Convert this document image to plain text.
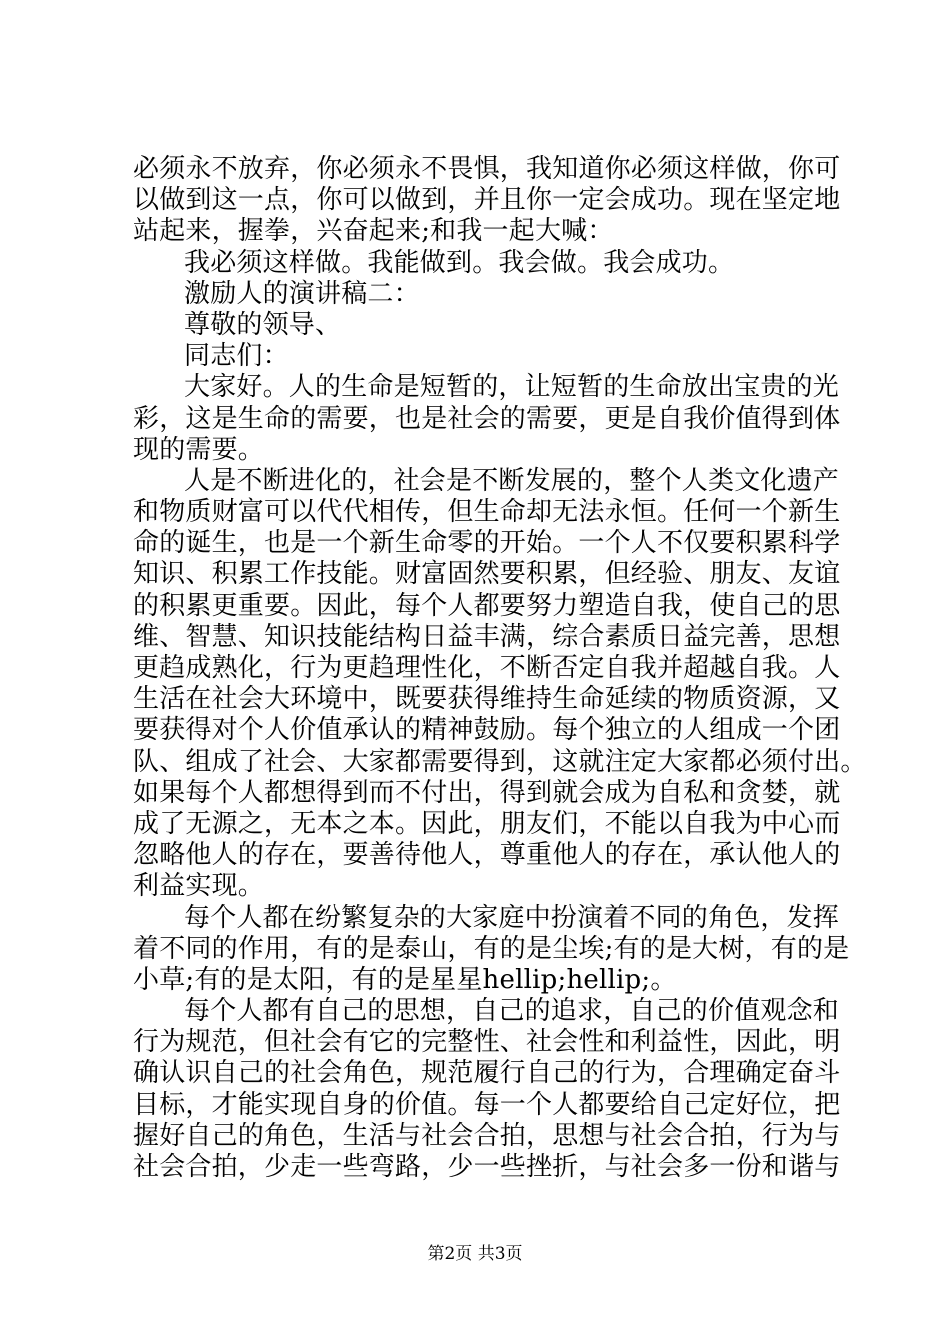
必须永不放弃，你必须永不畏惧，我知道你必须这样做，你可
以做到这一点，你可以做到，并且你一定会成功。现在坚定地
站起来，握拳，兴奋起来;和我一起大喊：
我必须这样做。我能做到。我会做。我会成功。
激励人的演讲稿二：
尊敬的领导、
同志们：
大家好。人的生命是短暂的，让短暂的生命放出宝贵的光
彩，这是生命的需要，也是社会的需要，更是自我价值得到体
现的需要。
人是不断进化的，社会是不断发展的，整个人类文化遗产
和物质财富可以代代相传，但生命却无法永恒。任何一个新生
命的诞生，也是一个新生命零的开始。一个人不仅要积累科学
知识、积累工作技能。财富固然要积累，但经验、朋友、友谊
的积累更重要。因此，每个人都要努力塑造自我，使自己的思
维、智慧、知识技能结构日益丰满，综合素质日益完善，思想
更趋成熟化，行为更趋理性化，不断否定自我并超越自我。人
生活在社会大环境中，既要获得维持生命延续的物质资源，又
要获得对个人价值承认的精神鼓励。每个独立的人组成一个团
队、组成了社会、大家都需要得到，这就注定大家都必须付出。
如果每个人都想得到而不付出，得到就会成为自私和贪婪，就
成了无源之，无本之本。因此，朋友们，不能以自我为中心而
忽略他人的存在，要善待他人，尊重他人的存在，承认他人的
利益实现。
每个人都在纷繁复杂的大家庭中扮演着不同的角色，发挥
着不同的作用，有的是泰山，有的是尘埃;有的是大树，有的是
小草;有的是太阳，有的是星星hellip;hellip;。
每个人都有自己的思想，自己的追求，自己的价值观念和
行为规范，但社会有它的完整性、社会性和利益性，因此，明
确认识自己的社会角色，规范履行自己的行为，合理确定奋斗
目标，才能实现自身的价值。每一个人都要给自己定好位，把
握好自己的角色，生活与社会合拍，思想与社会合拍，行为与
社会合拍，少走一些弯路，少一些挫折，与社会多一份和谐与
第2页 共3页
